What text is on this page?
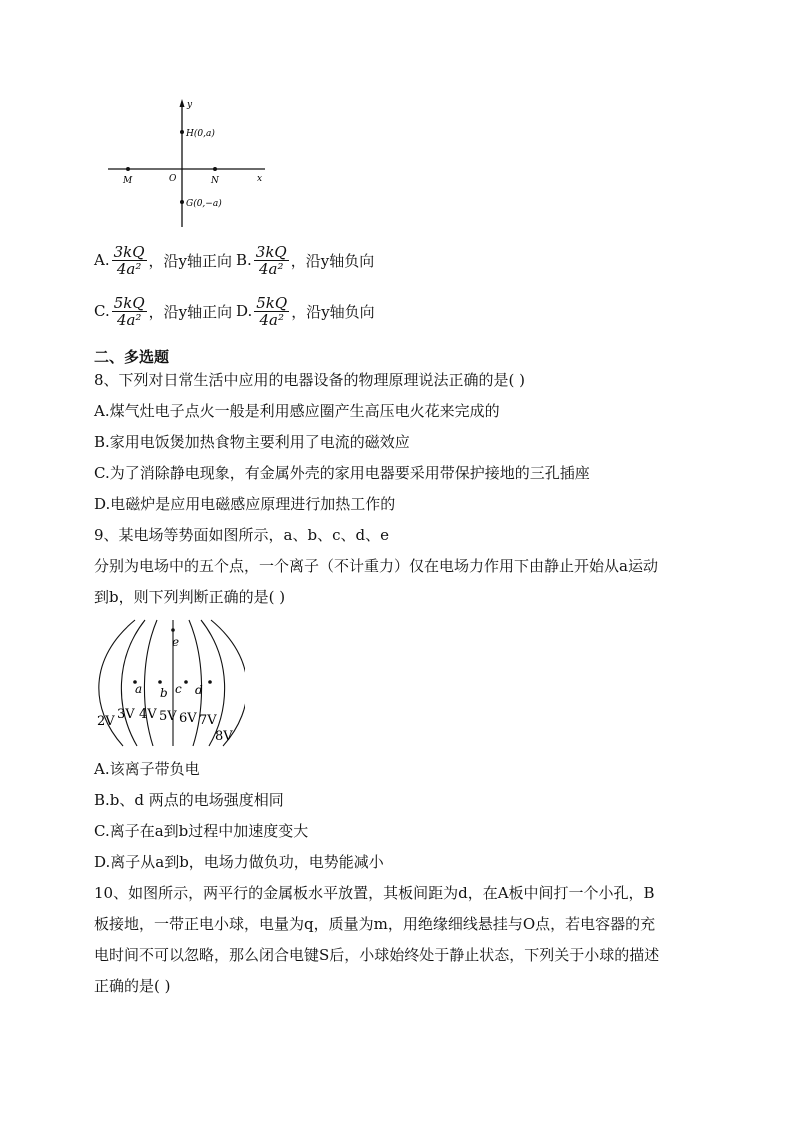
y
x
H(0,a)
G(0,−a)
M	O	N
A. $\frac{3kQ}{\text{4a²}}$ ，沿y轴正向 B. $\frac{3kQ}{\text{4a²}}$ ，沿y轴负向
C. $\frac{5kQ}{\text{4a²}}$ ，沿y轴正向 D. $\frac{5kQ}{\text{4a²}}$ ，沿y轴负向
二、多选题
8、下列对日常生活中应用的电器设备的物理原理说法正确的是( )
A.煤气灶电子点火一般是利用感应圈产生高压电火花来完成的
B.家用电饭煲加热食物主要利用了电流的磁效应
C.为了消除静电现象，有金属外壳的家用电器要采用带保护接地的三孔插座
D.电磁炉是应用电磁感应原理进行加热工作的
9、某电场等势面如图所示，a、b、c、d、e
分别为电场中的五个点，一个离子（不计重力）仅在电场力作用下由静止开始从a运动
到b，则下列判断正确的是( )
e
a b c d
2V 3V 4V 5V 6V 7V
8V
A.该离子带负电
B.b、d 两点的电场强度相同
C.离子在a到b过程中加速度变大
D.离子从a到b，电场力做负功，电势能减小
10、如图所示，两平行的金属板水平放置，其板间距为d，在A板中间打一个小孔，B
板接地，一带正电小球，电量为q，质量为m，用绝缘细线悬挂与O点，若电容器的充
电时间不可以忽略，那么闭合电键S后，小球始终处于静止状态，下列关于小球的描述
正确的是( )
